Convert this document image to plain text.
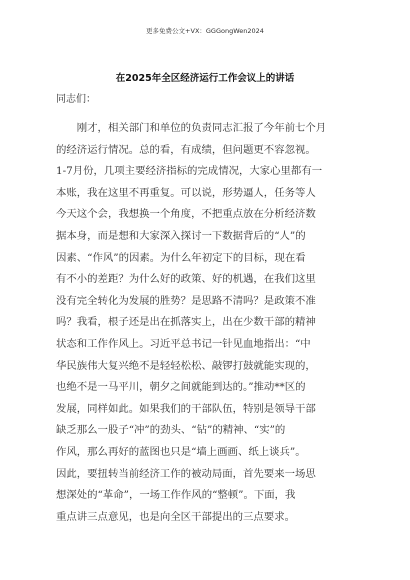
更多免费公文+VX：GGGongWen2024
在2025年全区经济运行工作会议上的讲话
同志们：
　　刚才，相关部门和单位的负责同志汇报了今年前七个月
的经济运行情况。总的看，有成绩，但问题更不容忽视。
1-7月份，几项主要经济指标的完成情况，大家心里都有一
本账，我在这里不再重复。可以说，形势逼人，任务等人
今天这个会，我想换一个角度，不把重点放在分析经济数
据本身，而是想和大家深入探讨一下数据背后的“人”的
因素、“作风”的因素。为什么年初定下的目标，现在看
有不小的差距？为什么好的政策、好的机遇，在我们这里
没有完全转化为发展的胜势？是思路不清吗？是政策不准
吗？我看，根子还是出在抓落实上，出在少数干部的精神
状态和工作作风上。习近平总书记一针见血地指出：“中
华民族伟大复兴绝不是轻轻松松、敲锣打鼓就能实现的，
也绝不是一马平川，朝夕之间就能到达的。”推动**区的
发展，同样如此。如果我们的干部队伍，特别是领导干部
缺乏那么一股子“冲”的劲头、“钻”的精神、“实”的
作风，那么再好的蓝图也只是“墙上画画、纸上谈兵”。
因此，要扭转当前经济工作的被动局面，首先要来一场思
想深处的“革命”，一场工作作风的“整顿”。下面，我
重点讲三点意见，也是向全区干部提出的三点要求。
